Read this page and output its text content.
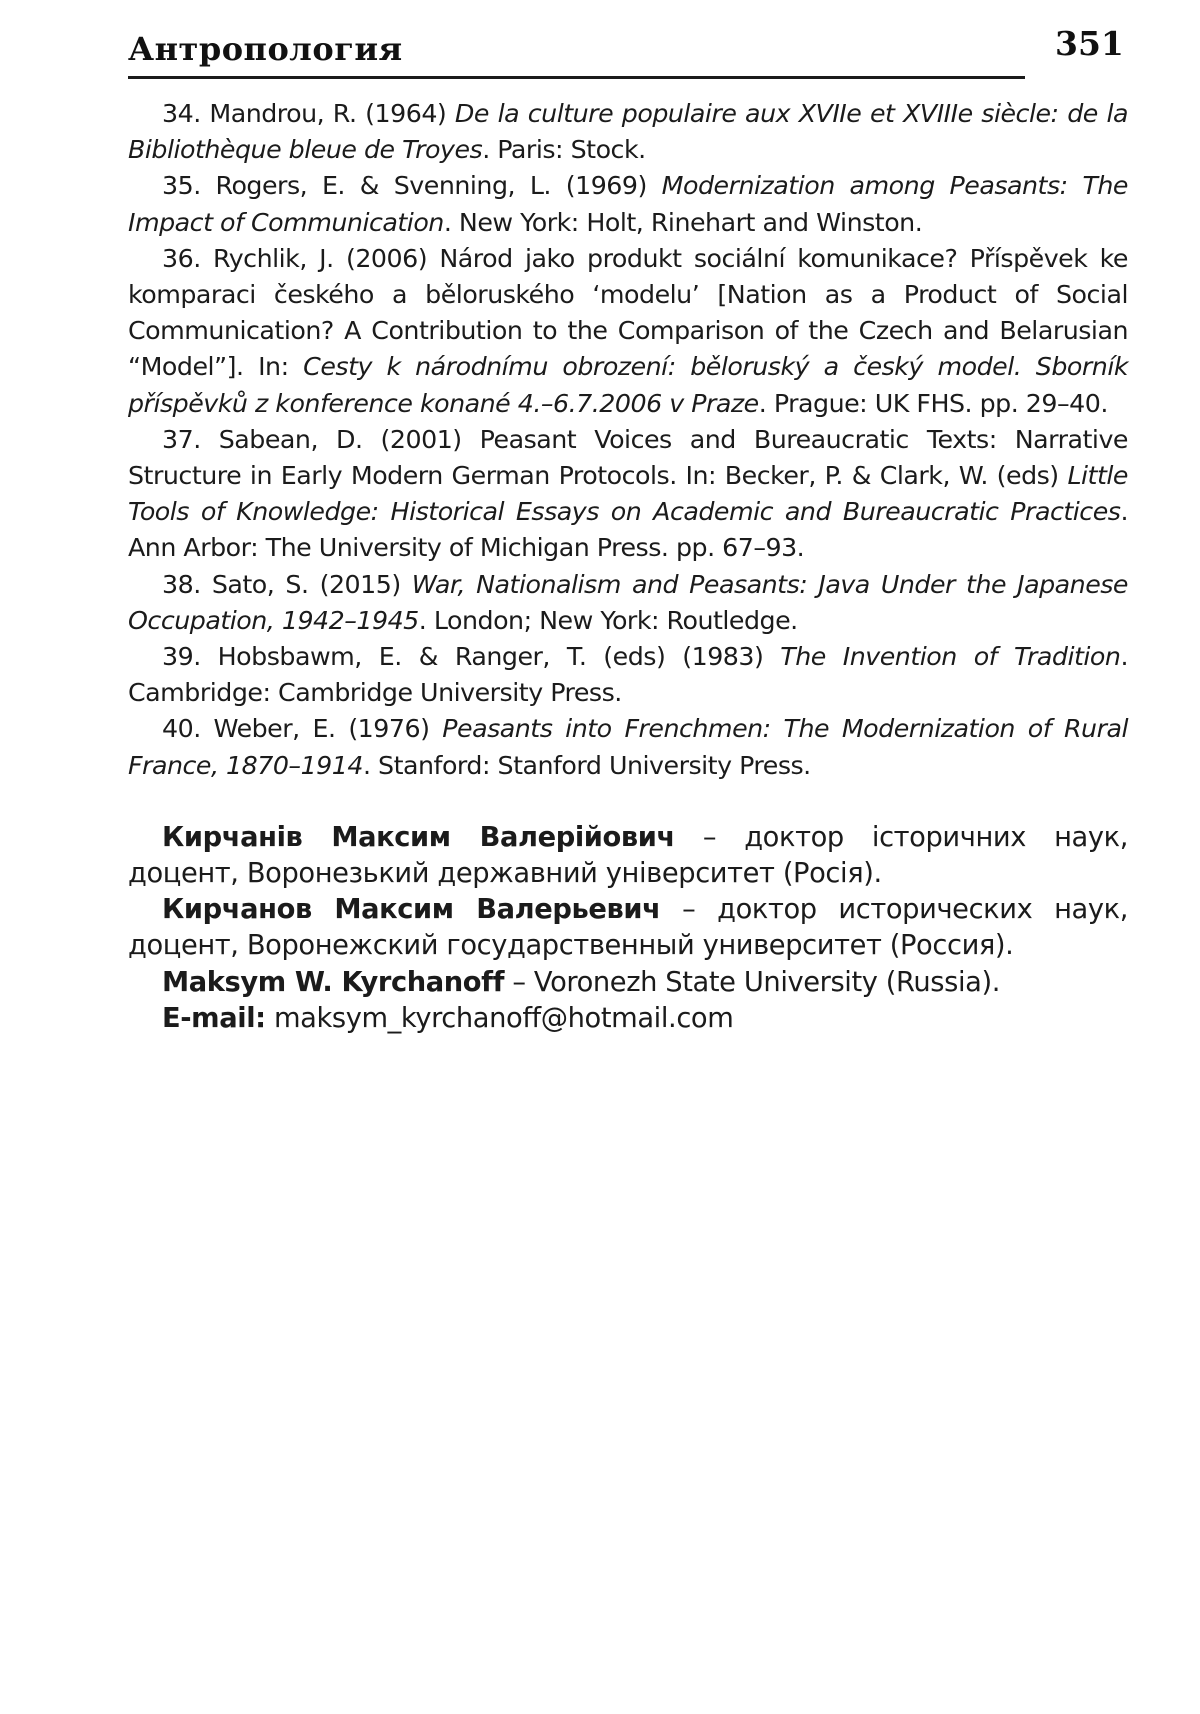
Антропология	351

34. Mandrou, R. (1964) De la culture populaire aux XVIIe et XVIIIe siècle: de la Bibliothèque bleue de Troyes. Paris: Stock.

35. Rogers, E. & Svenning, L. (1969) Modernization among Peasants: The Impact of Communication. New York: Holt, Rinehart and Winston.

36. Rychlik, J. (2006) Národ jako produkt sociální komunikace? Příspěvek ke komparaci českého a běloruského ‘modelu’ [Nation as a Product of Social Communication? A Contribution to the Comparison of the Czech and Belarusian “Model”]. In: Cesty k národnímu obrození: běloruský a český model. Sborník příspěvků z konference konané 4.–6.7.2006 v Praze. Prague: UK FHS. pp. 29–40.

37. Sabean, D. (2001) Peasant Voices and Bureaucratic Texts: Narrative Structure in Early Modern German Protocols. In: Becker, P. & Clark, W. (eds) Little Tools of Knowledge: Historical Essays on Academic and Bureaucratic Practices. Ann Arbor: The University of Michigan Press. pp. 67–93.

38. Sato, S. (2015) War, Nationalism and Peasants: Java Under the Japanese Occupation, 1942–1945. London; New York: Routledge.

39. Hobsbawm, E. & Ranger, T. (eds) (1983) The Invention of Tradition. Cambridge: Cambridge University Press.

40. Weber, E. (1976) Peasants into Frenchmen: The Modernization of Rural France, 1870–1914. Stanford: Stanford University Press.

Кирчанів Максим Валерійович – доктор історичних наук, доцент, Воронезький державний університет (Росія).

Кирчанов Максим Валерьевич – доктор исторических наук, доцент, Воронежский государственный университет (Россия).

Maksym W. Kyrchanoff – Voronezh State University (Russia).

E-mail: maksym_kyrchanoff@hotmail.com
